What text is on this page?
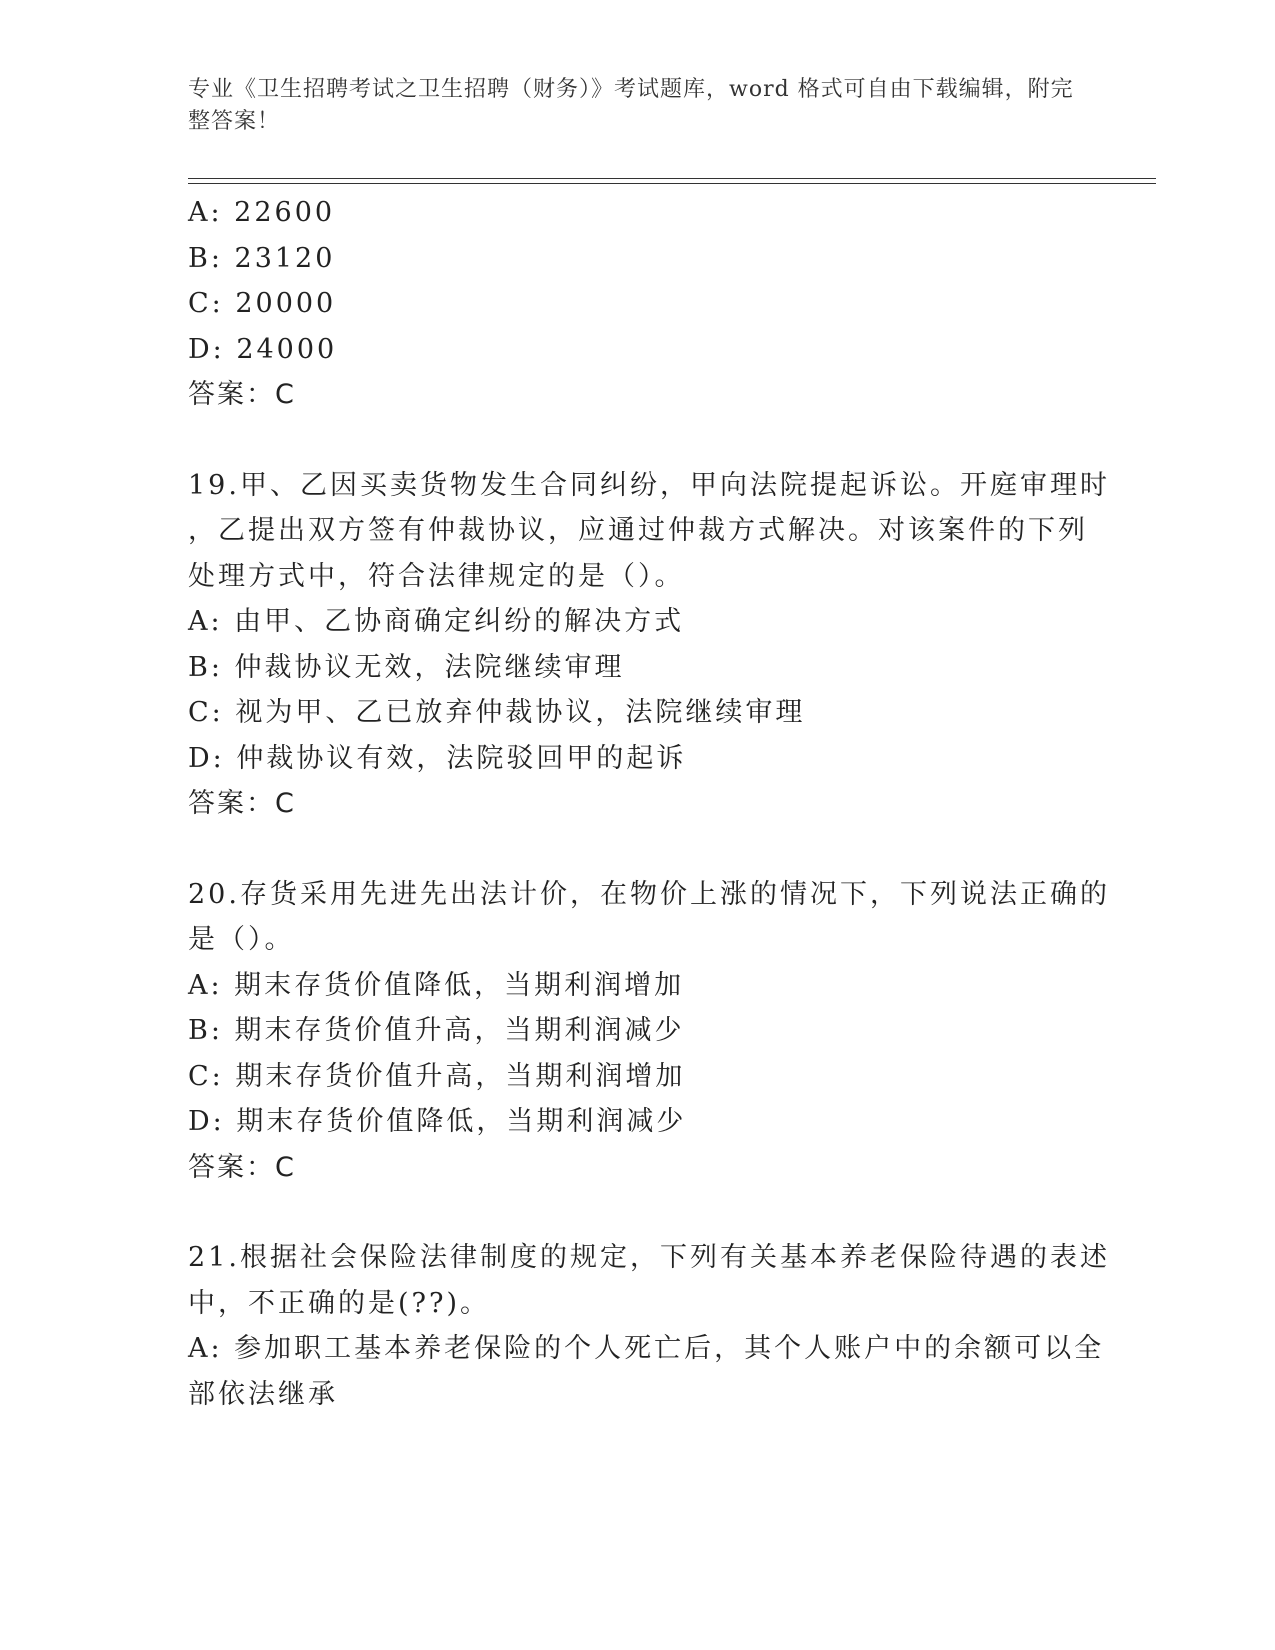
专业《卫生招聘考试之卫生招聘（财务）》考试题库，word 格式可自由下载编辑，附完整答案！
A: 22600
B: 23120
C: 20000
D: 24000
答案：C
19.甲、乙因买卖货物发生合同纠纷，甲向法院提起诉讼。开庭审理时
，乙提出双方签有仲裁协议，应通过仲裁方式解决。对该案件的下列
处理方式中，符合法律规定的是（）。
A: 由甲、乙协商确定纠纷的解决方式
B: 仲裁协议无效，法院继续审理
C: 视为甲、乙已放弃仲裁协议，法院继续审理
D: 仲裁协议有效，法院驳回甲的起诉
答案：C
20.存货采用先进先出法计价，在物价上涨的情况下，下列说法正确的
是（）。
A: 期末存货价值降低，当期利润增加
B: 期末存货价值升高，当期利润减少
C: 期末存货价值升高，当期利润增加
D: 期末存货价值降低，当期利润减少
答案：C
21.根据社会保险法律制度的规定，下列有关基本养老保险待遇的表述
中，不正确的是(??)。
A: 参加职工基本养老保险的个人死亡后，其个人账户中的余额可以全
部依法继承
